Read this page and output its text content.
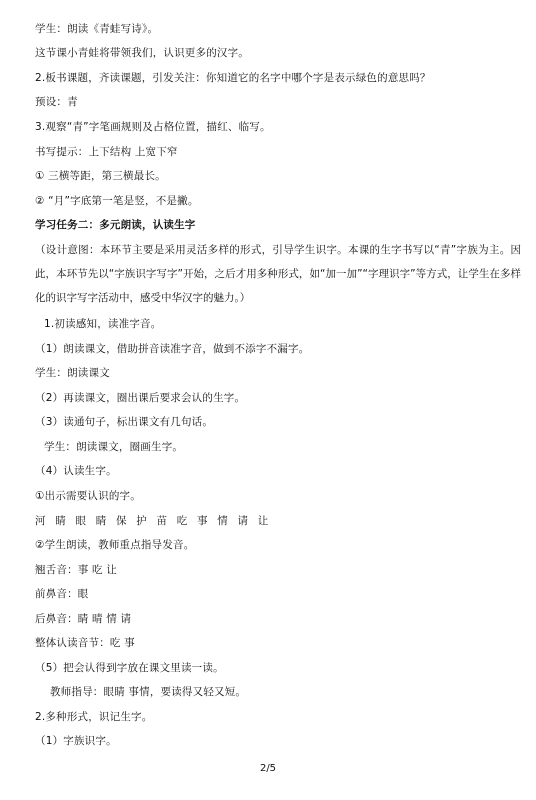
学生：朗读《青蛙写诗》。
这节课小青蛙将带领我们，认识更多的汉字。
2.板书课题，齐读课题，引发关注：你知道它的名字中哪个字是表示绿色的意思吗？
预设：青
3.观察“青”字笔画规则及占格位置，描红、临写。
书写提示：上下结构 上宽下窄
① 三横等距，第三横最长。
② “月”字底第一笔是竖，不是撇。
学习任务二：多元朗读，认读生字
（设计意图：本环节主要是采用灵活多样的形式，引导学生识字。本课的生字书写以“青”字族为主。因此，本环节先以“字族识字写字”开始，之后才用多种形式，如“加一加”“字理识字”等方式，让学生在多样化的识字写字活动中，感受中华汉字的魅力。）
1.初读感知，读准字音。
（1）朗读课文，借助拼音读准字音，做到不添字不漏字。
学生：朗读课文
（2）再读课文，圈出课后要求会认的生字。
（3）读通句子，标出课文有几句话。
学生：朗读课文，圈画生字。
（4）认读生字。
①出示需要认识的字。
河 睛 眼 睛 保 护 苗 吃 事 情 请 让
②学生朗读，教师重点指导发音。
翘舌音：事 吃 让
前鼻音：眼
后鼻音：睛 晴 情 请
整体认读音节：吃 事
（5）把会认得到字放在课文里读一读。
教师指导：眼睛 事情，要读得又轻又短。
2.多种形式，识记生字。
（1）字族识字。
2/5
